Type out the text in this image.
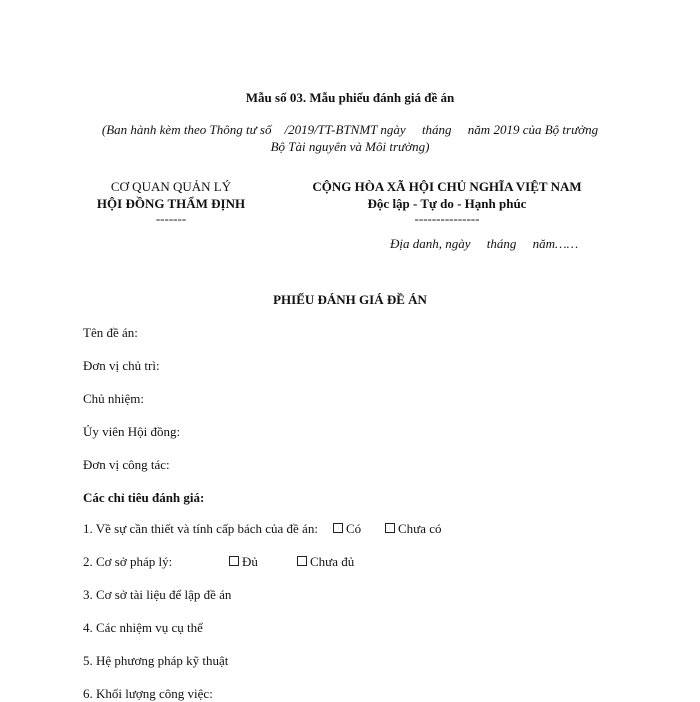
Mẫu số 03. Mẫu phiếu đánh giá đề án
(Ban hành kèm theo Thông tư số    /2019/TT-BTNMT ngày     tháng     năm 2019 của Bộ trưởng
Bộ Tài nguyên và Môi trường)
CƠ QUAN QUẢN LÝ
HỘI ĐỒNG THẨM ĐỊNH
-------
CỘNG HÒA XÃ HỘI CHỦ NGHĨA VIỆT NAM
Độc lập - Tự do - Hạnh phúc
---------------
Địa danh, ngày     tháng     năm……
PHIẾU ĐÁNH GIÁ ĐỀ ÁN
Tên đề án:
Đơn vị chủ trì:
Chủ nhiệm:
Ủy viên Hội đồng:
Đơn vị công tác:
Các chỉ tiêu đánh giá:
1. Về sự cần thiết và tính cấp bách của đề án:	Có	Chưa có
2. Cơ sở pháp lý:	Đủ	Chưa đủ
3. Cơ sở tài liệu để lập đề án
4. Các nhiệm vụ cụ thể
5. Hệ phương pháp kỹ thuật
6. Khối lượng công việc:
